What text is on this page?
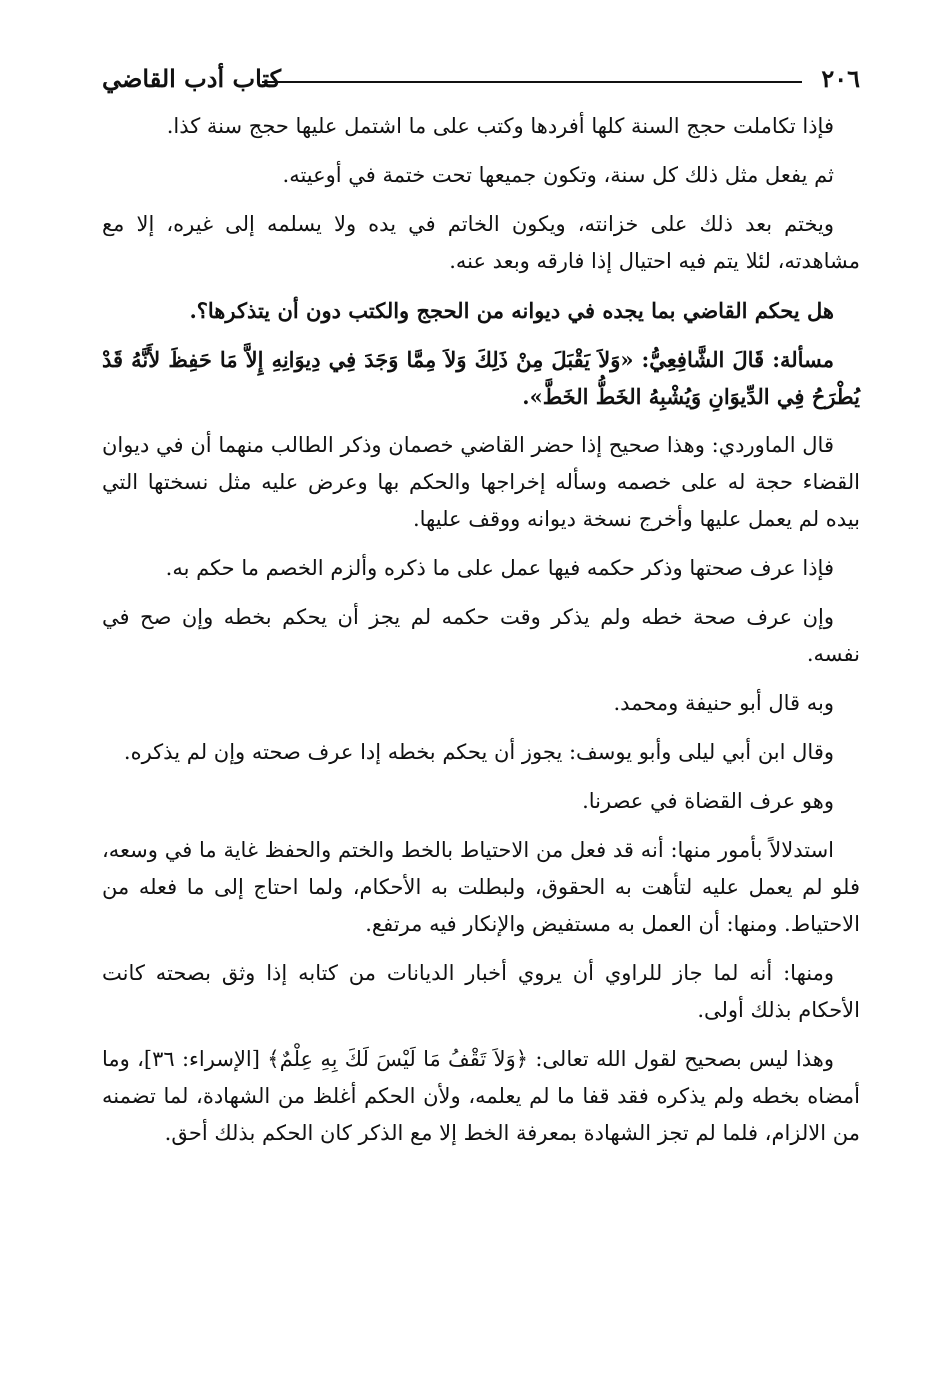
٢٠٦
كتاب أدب القاضي

فإذا تكاملت حجج السنة كلها أفردها وكتب على ما اشتمل عليها حجج سنة كذا.

ثم يفعل مثل ذلك كل سنة، وتكون جميعها تحت ختمة في أوعيته.

ويختم بعد ذلك على خزانته، ويكون الخاتم في يده ولا يسلمه إلى غيره، إلا مع مشاهدته، لئلا يتم فيه احتيال إذا فارقه وبعد عنه.

هل يحكم القاضي بما يجده في ديوانه من الحجج والكتب دون أن يتذكرها؟.

مسألة: قَالَ الشَّافِعِيُّ: «وَلاَ يَقْبَلَ مِنْ ذَلِكَ وَلاَ مِمَّا وَجَدَ فِي دِيوَانِهِ إِلاَّ مَا حَفِظَ لأَنَّهُ قَدْ يُطْرَحُ فِي الدِّيوَانِ وَيُشْبِهُ الخَطُّ الخَطَّ».

قال الماوردي: وهذا صحيح إذا حضر القاضي خصمان وذكر الطالب منهما أن في ديوان القضاء حجة له على خصمه وسأله إخراجها والحكم بها وعرض عليه مثل نسختها التي بيده لم يعمل عليها وأخرج نسخة ديوانه ووقف عليها.

فإذا عرف صحتها وذكر حكمه فيها عمل على ما ذكره وألزم الخصم ما حكم به.

وإن عرف صحة خطه ولم يذكر وقت حكمه لم يجز أن يحكم بخطه وإن صح في نفسه.

وبه قال أبو حنيفة ومحمد.

وقال ابن أبي ليلى وأبو يوسف: يجوز أن يحكم بخطه إدا عرف صحته وإن لم يذكره.

وهو عرف القضاة في عصرنا.

استدلالاً بأمور منها: أنه قد فعل من الاحتياط بالخط والختم والحفظ غاية ما في وسعه، فلو لم يعمل عليه لتأهت به الحقوق، ولبطلت به الأحكام، ولما احتاج إلى ما فعله من الاحتياط. ومنها: أن العمل به مستفيض والإنكار فيه مرتفع.

ومنها: أنه لما جاز للراوي أن يروي أخبار الديانات من كتابه إذا وثق بصحته كانت الأحكام بذلك أولى.

وهذا ليس بصحيح لقول الله تعالى: ﴿وَلاَ تَقْفُ مَا لَيْسَ لَكَ بِهِ عِلْمٌ﴾ [الإسراء: ٣٦]، وما أمضاه بخطه ولم يذكره فقد قفا ما لم يعلمه، ولأن الحكم أغلظ من الشهادة، لما تضمنه من الالزام، فلما لم تجز الشهادة بمعرفة الخط إلا مع الذكر كان الحكم بذلك أحق.
